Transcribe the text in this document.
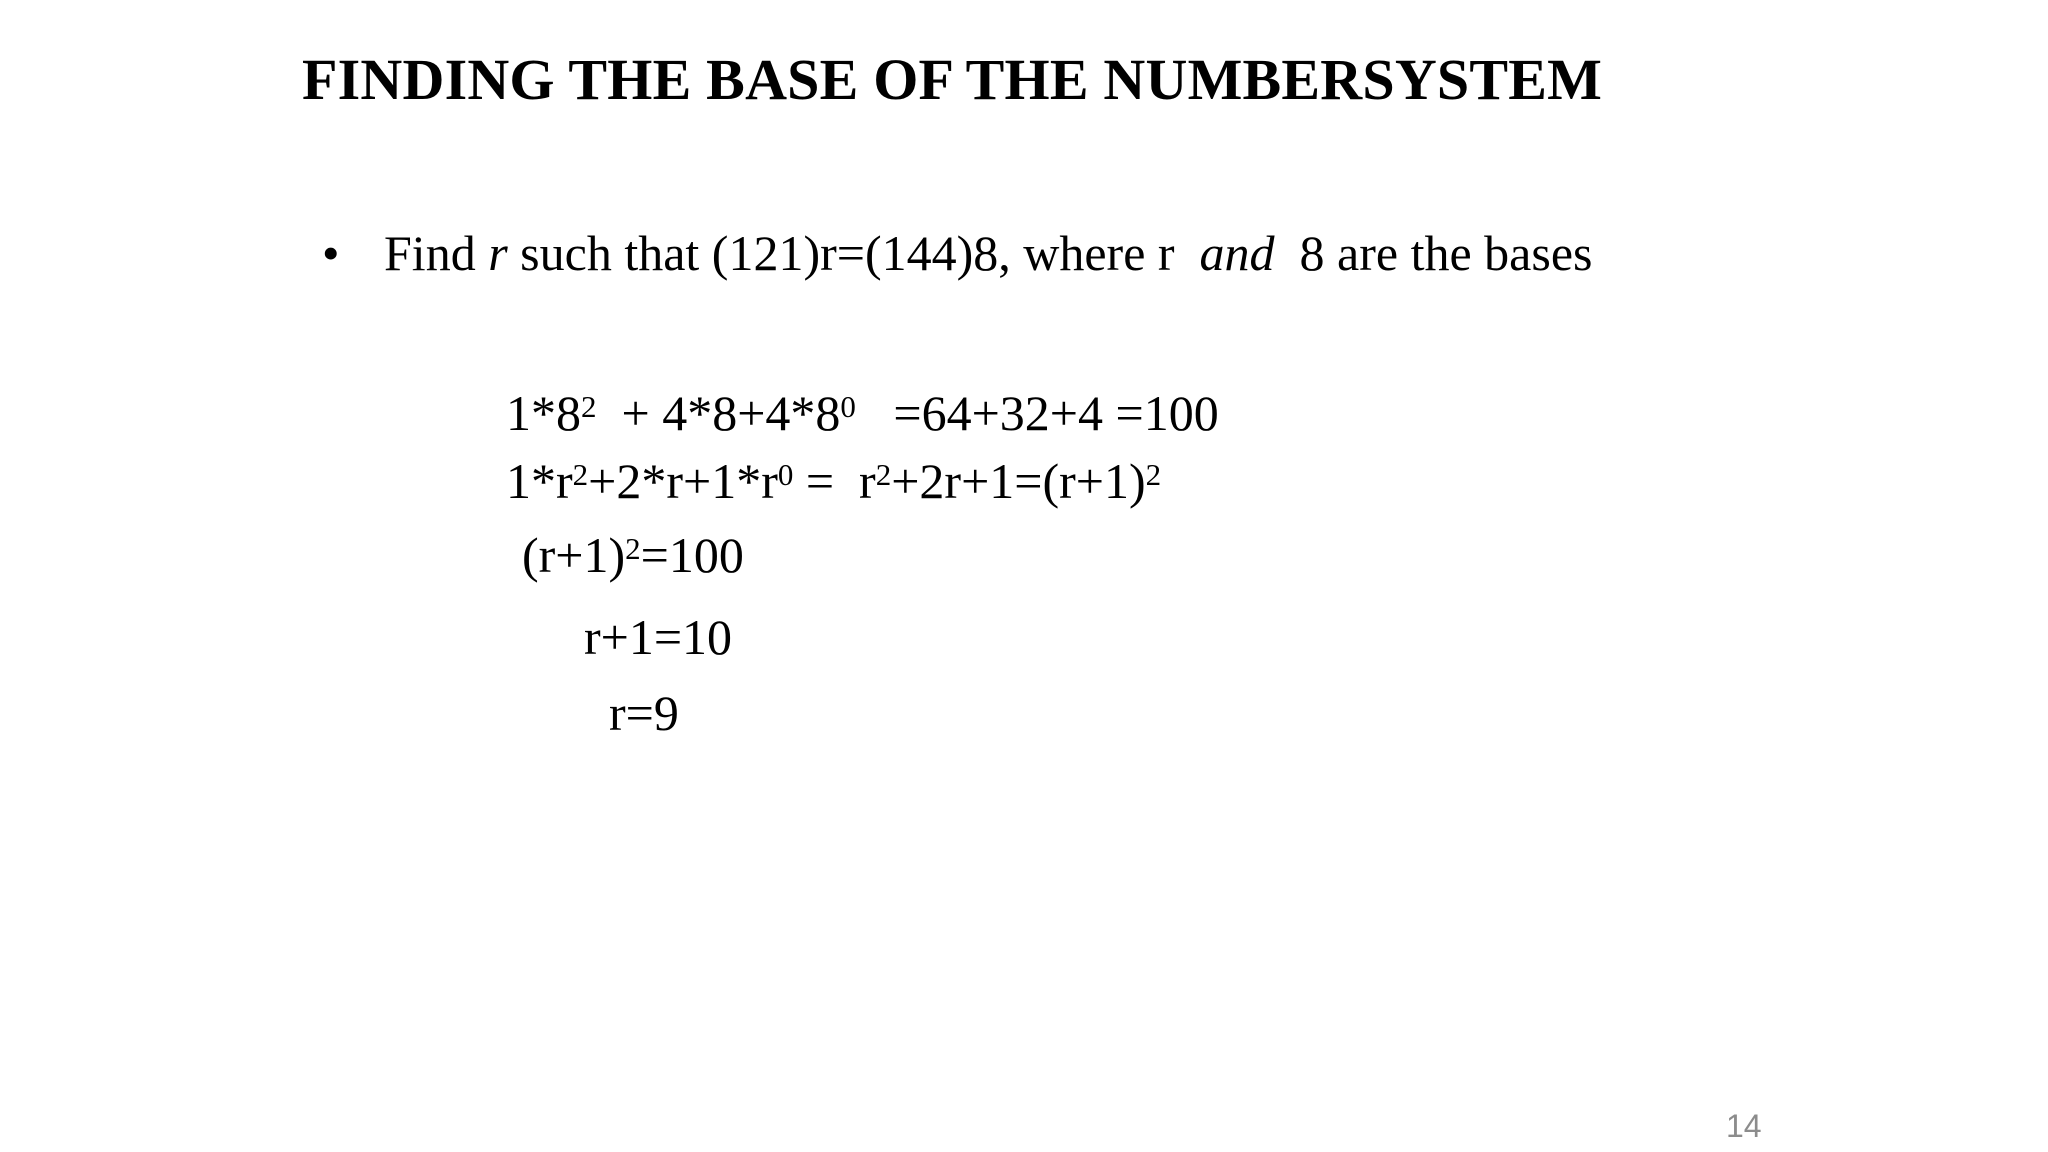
FINDING THE BASE OF THE NUMBERSYSTEM
• Find r such that (121)r=(144)8, where r  and  8 are the bases
$1*8^2 + 4*8+4*8^0 =64+32+4 =100$
$1*r^2+2*r+1*r^0 = r^2+2r+1=(r+1)^2$
$(r+1)^2=100$
r+1=10
r=9
14
